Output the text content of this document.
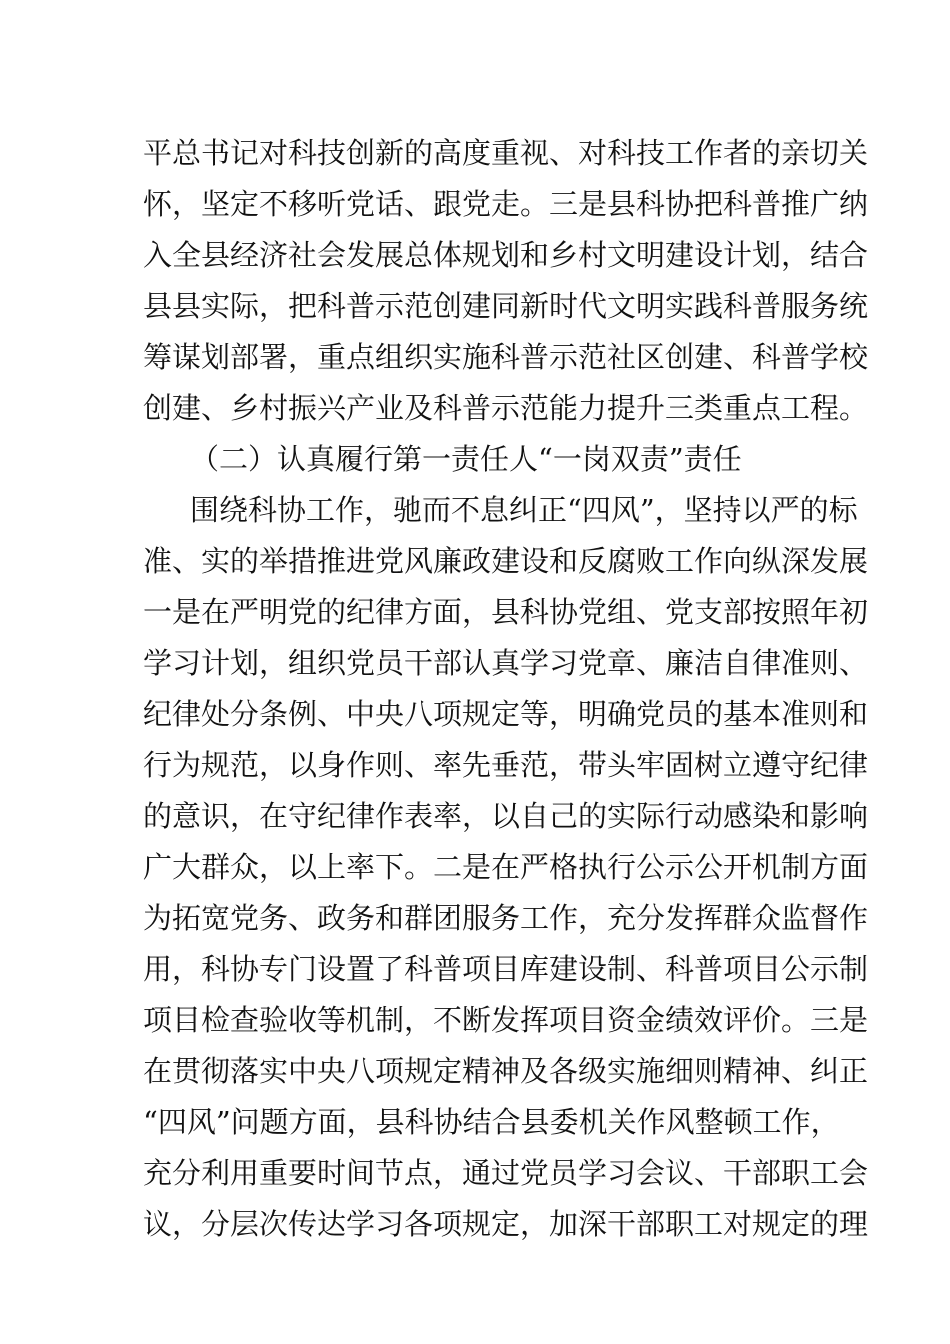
平总书记对科技创新的高度重视、对科技工作者的亲切关
怀，坚定不移听党话、跟党走。三是县科协把科普推广纳
入全县经济社会发展总体规划和乡村文明建设计划，结合
县县实际，把科普示范创建同新时代文明实践科普服务统
筹谋划部署，重点组织实施科普示范社区创建、科普学校
创建、乡村振兴产业及科普示范能力提升三类重点工程。
（二）认真履行第一责任人“一岗双责”责任
围绕科协工作，驰而不息纠正“四风”，坚持以严的标
准、实的举措推进党风廉政建设和反腐败工作向纵深发展
一是在严明党的纪律方面，县科协党组、党支部按照年初
学习计划，组织党员干部认真学习党章、廉洁自律准则、
纪律处分条例、中央八项规定等，明确党员的基本准则和
行为规范，以身作则、率先垂范，带头牢固树立遵守纪律
的意识，在守纪律作表率，以自己的实际行动感染和影响
广大群众，以上率下。二是在严格执行公示公开机制方面
为拓宽党务、政务和群团服务工作，充分发挥群众监督作
用，科协专门设置了科普项目库建设制、科普项目公示制
项目检查验收等机制，不断发挥项目资金绩效评价。三是
在贯彻落实中央八项规定精神及各级实施细则精神、纠正
“四风”问题方面，县科协结合县委机关作风整顿工作，
充分利用重要时间节点，通过党员学习会议、干部职工会
议，分层次传达学习各项规定，加深干部职工对规定的理
